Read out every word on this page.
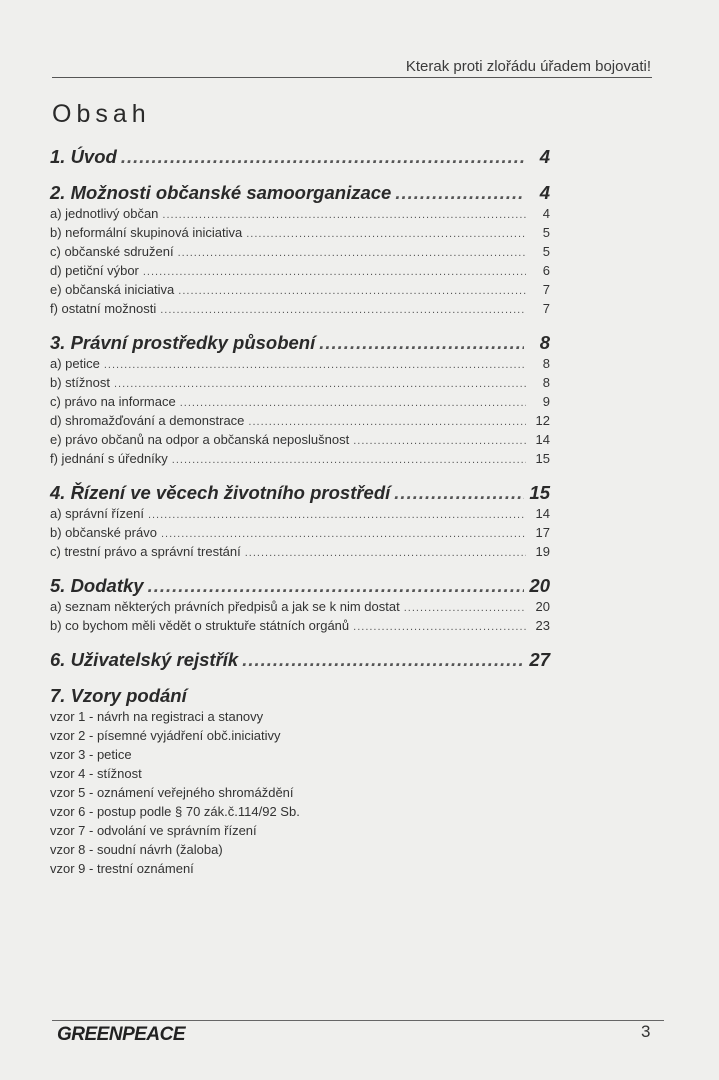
Kterak proti zlořádu úřadem bojovati!
Obsah
1. Úvod .....	4
2. Možnosti občanské samoorganizace .....	4
a) jednotlivý občan .....	4
b) neformální skupinová iniciativa .....	5
c) občanské sdružení .....	5
d) petiční výbor .....	6
e) občanská iniciativa .....	7
f) ostatní možnosti .....	7
3. Právní prostředky působení .....	8
a) petice .....	8
b) stížnost .....	8
c) právo na informace .....	9
d) shromažďování a demonstrace .....	12
e) právo občanů na odpor a občanská neposlušnost .....	14
f) jednání s úředníky .....	15
4. Řízení ve věcech životního prostředí .....	15
a) správní řízení .....	14
b) občanské právo .....	17
c) trestní právo a správní trestání .....	19
5. Dodatky .....	20
a) seznam některých právních předpisů a jak se k nim dostat .....	20
b) co bychom měli vědět o struktuře státních orgánů .....	23
6. Uživatelský rejstřík .....	27
7. Vzory podání
vzor 1 - návrh na registraci a stanovy
vzor 2 - písemné vyjádření obč.iniciativy
vzor 3 - petice
vzor 4 - stížnost
vzor 5 - oznámení veřejného shromáždění
vzor 6 - postup podle § 70 zák.č.114/92 Sb.
vzor 7 - odvolání ve správním řízení
vzor 8 - soudní návrh (žaloba)
vzor 9 - trestní oznámení
GREENPEACE	3
